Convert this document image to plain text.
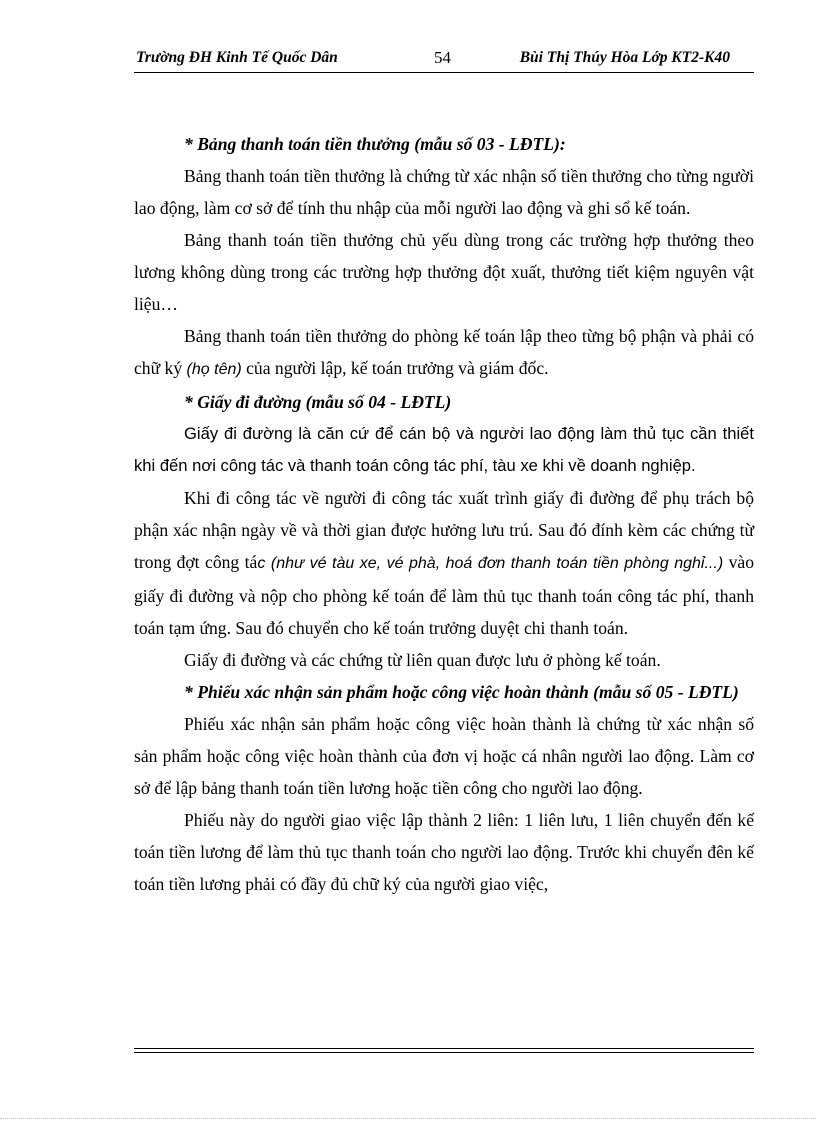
Trường ĐH Kinh Tế Quốc Dân	54	Bùi Thị Thúy Hòa Lớp KT2-K40

* Bảng thanh toán tiền thưởng (mẫu số 03 - LĐTL):

Bảng thanh toán tiền thưởng là chứng từ xác nhận số tiền thưởng cho từng người lao động, làm cơ sở để tính thu nhập của mỗi người lao động và ghi sổ kế toán.

Bảng thanh toán tiền thưởng chủ yếu dùng trong các trường hợp thưởng theo lương không dùng trong các trường hợp thưởng đột xuất, thưởng tiết kiệm nguyên vật liệu…

Bảng thanh toán tiền thưởng do phòng kế toán lập theo từng bộ phận và phải có chữ ký (họ tên) của người lập, kế toán trưởng và giám đốc.

* Giấy đi đường (mẫu số 04 - LĐTL)

Giấy đi đường là căn cứ để cán bộ và người lao động làm thủ tục cần thiết khi đến nơi công tác và thanh toán công tác phí, tàu xe khi về doanh nghiệp.

Khi đi công tác về người đi công tác xuất trình giấy đi đường để phụ trách bộ phận xác nhận ngày về và thời gian được hưởng lưu trú. Sau đó đính kèm các chứng từ trong đợt công tác (như vé tàu xe, vé phà, hoá đơn thanh toán tiền phòng nghỉ...) vào giấy đi đường và nộp cho phòng kế toán để làm thủ tục thanh toán công tác phí, thanh toán tạm ứng. Sau đó chuyển cho kế toán trưởng duyệt chi thanh toán.

Giấy đi đường và các chứng từ liên quan được lưu ở phòng kế toán.

* Phiếu xác nhận sản phẩm hoặc công việc hoàn thành (mẫu số 05 - LĐTL)

Phiếu xác nhận sản phẩm hoặc công việc hoàn thành là chứng từ xác nhận số sản phẩm hoặc công việc hoàn thành của đơn vị hoặc cá nhân người lao động. Làm cơ sở để lập bảng thanh toán tiền lương hoặc tiền công cho người lao động.

Phiếu này do người giao việc lập thành 2 liên: 1 liên lưu, 1 liên chuyển đến kế toán tiền lương để làm thủ tục thanh toán cho người lao động. Trước khi chuyển đên kế toán tiền lương phải có đầy đủ chữ ký của người giao việc,
